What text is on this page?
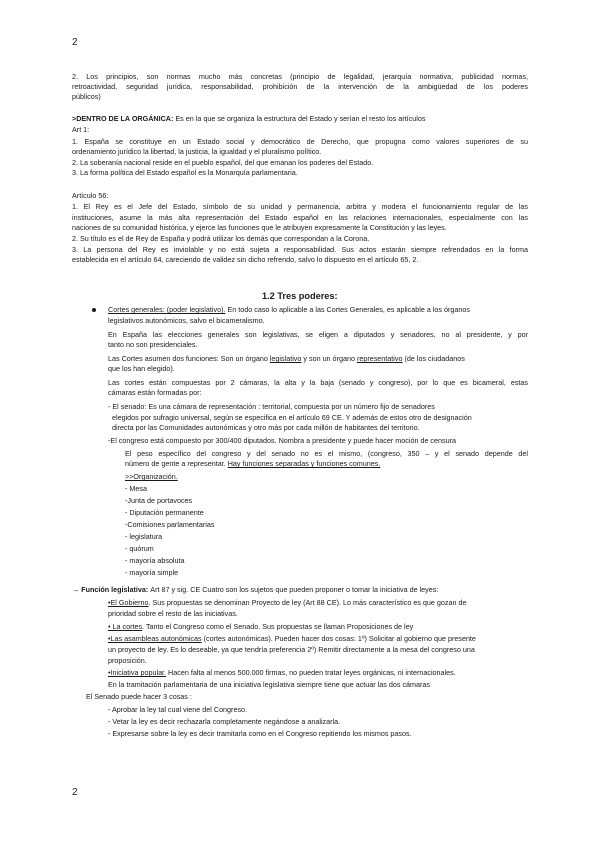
2
2. Los principios, son normas mucho más concretas (principio de legalidad, jerarquía normativa, publicidad normas,
retroactividad, seguridad jurídica, responsabilidad, prohibición de la intervención de la ambigüedad de los poderes
públicos)
>DENTRO DE LA ORGÁNICA: Es en la que se organiza la estructura del Estado y serían el resto los artículos
Art 1:
1. España se constituye en un Estado social y democrático de Derecho, que propugna como valores superiores de su
ordenamiento jurídico la libertad, la justicia, la igualdad y el pluralismo político.
2. La soberanía nacional reside en el pueblo español, del que emanan los poderes del Estado.
3. La forma política del Estado español es la Monarquía parlamentaria.
Artículo 56:
1. El Rey es el Jefe del Estado, símbolo de su unidad y permanencia, arbitra y modera el funcionamiento regular de las
instituciones, asume la más alta representación del Estado español en las relaciones internacionales, especialmente con las
naciones de su comunidad histórica, y ejerce las funciones que le atribuyen expresamente la Constitución y las leyes.
2. Su título es el de Rey de España y podrá utilizar los demás que correspondan a la Corona.
3. La persona del Rey es inviolable y no está sujeta a responsabilidad. Sus actos estarán siempre refrendados en la forma
establecida en el artículo 64, careciendo de validez sin dicho refrendo, salvo lo dispuesto en el artículo 65, 2.
1.2 Tres poderes:
Cortes generales: (poder legislativo). En todo caso lo aplicable a las Cortes Generales, es aplicable a los órganos
legislativos autonómicos, salvo el bicameralismo.
En España las elecciones generales son legislativas, se eligen a diputados y senadores, no al presidente, y por
tanto no son presidenciales.
Las Cortes asumen dos funciones: Son un órgano legislativo y son un órgano representativo (de los ciudadanos
que los han elegido).
Las cortes están compuestas por 2 cámaras, la alta y la baja (senado y congreso), por lo que es bicameral, estas
cámaras están formadas por:
- El senado: Es una cámara de representación : territorial, compuesta por un número fijo de senadores
elegidos por sufragio universal, según se especifica en el artículo 69 CE. Y además de estos otro de designación
directa por las Comunidades autonómicas y otro más por cada millón de habitantes del territorio.
-El congreso está compuesto por 300/400 diputados. Nombra a presidente y puede hacer moción de censura
El peso específico del congreso y del senado no es el mismo, (congreso, 350 – y el senado depende del
número de gente a representar. Hay funciones separadas y funciones comunes.
>>Organización.
- Mesa
-Junta de portavoces
- Diputación permanente
-Comisiones parlamentarias
- legislatura
- quórum
- mayoría absoluta
- mayoría simple
→ Función legislativa: Art 87 y sig. CE Cuatro son los sujetos que pueden proponer o tomar la iniciativa de leyes:
•El Gobierno. Sus propuestas se denominan Proyecto de ley (Art 88 CE). Lo más característico es que gozan de
prioridad sobre el resto de las iniciativas.
• La cortes. Tanto el Congreso como el Senado. Sus propuestas se llaman Proposiciones de ley
•Las asambleas autonómicas (cortes autonómicas). Pueden hacer dos cosas: 1º) Solicitar al gobierno que presente
un proyecto de ley. Es lo deseable, ya que tendría preferencia 2º) Remitir directamente a la mesa del congreso una
proposición.
•Iniciativa popular. Hacen falta al menos 500.000 firmas, no pueden tratar leyes orgánicas, ni internacionales.
En la tramitación parlamentaria de una iniciativa legislativa siempre tiene que actuar las dos cámaras
El Senado puede hacer 3 cosas :
- Aprobar la ley tal cual viene del Congreso.
- Vetar la ley es decir rechazarla completamente negándose a analizarla.
- Expresarse sobre la ley es decir tramitarla como en el Congreso repitiendo los mismos pasos.
2
